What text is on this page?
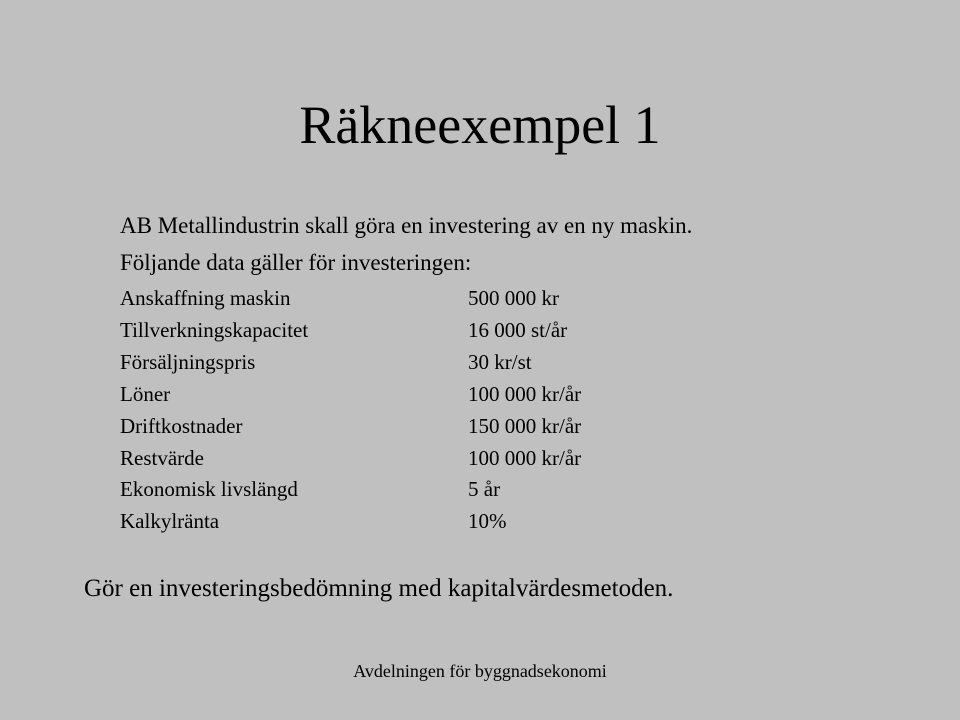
Räkneexempel 1
AB Metallindustrin skall göra en investering av en ny maskin.
Följande data gäller för investeringen:
Anskaffning maskin	500 000 kr
Tillverkningskapacitet	16 000 st/år
Försäljningspris	30 kr/st
Löner	100 000 kr/år
Driftkostnader	150 000 kr/år
Restvärde	100 000 kr/år
Ekonomisk livslängd	5 år
Kalkylränta	10%
Gör en investeringsbedömning med kapitalvärdesmetoden.
Avdelningen för byggnadsekonomi
